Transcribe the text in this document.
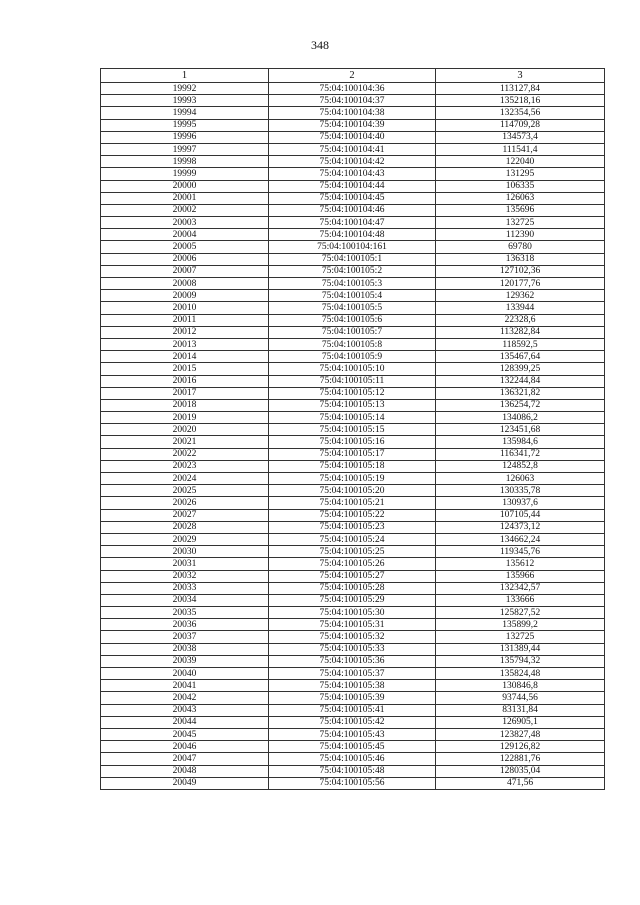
348
1	2	3
19992	75:04:100104:36	113127,84
19993	75:04:100104:37	135218,16
19994	75:04:100104:38	132354,56
19995	75:04:100104:39	114709,28
19996	75:04:100104:40	134573,4
19997	75:04:100104:41	111541,4
19998	75:04:100104:42	122040
19999	75:04:100104:43	131295
20000	75:04:100104:44	106335
20001	75:04:100104:45	126063
20002	75:04:100104:46	135696
20003	75:04:100104:47	132725
20004	75:04:100104:48	112390
20005	75:04:100104:161	69780
20006	75:04:100105:1	136318
20007	75:04:100105:2	127102,36
20008	75:04:100105:3	120177,76
20009	75:04:100105:4	129362
20010	75:04:100105:5	133944
20011	75:04:100105:6	22328,6
20012	75:04:100105:7	113282,84
20013	75:04:100105:8	118592,5
20014	75:04:100105:9	135467,64
20015	75:04:100105:10	128399,25
20016	75:04:100105:11	132244,84
20017	75:04:100105:12	136321,82
20018	75:04:100105:13	136254,72
20019	75:04:100105:14	134086,2
20020	75:04:100105:15	123451,68
20021	75:04:100105:16	135984,6
20022	75:04:100105:17	116341,72
20023	75:04:100105:18	124852,8
20024	75:04:100105:19	126063
20025	75:04:100105:20	130335,78
20026	75:04:100105:21	130937,6
20027	75:04:100105:22	107105,44
20028	75:04:100105:23	124373,12
20029	75:04:100105:24	134662,24
20030	75:04:100105:25	119345,76
20031	75:04:100105:26	135612
20032	75:04:100105:27	135966
20033	75:04:100105:28	132342,57
20034	75:04:100105:29	133666
20035	75:04:100105:30	125827,52
20036	75:04:100105:31	135899,2
20037	75:04:100105:32	132725
20038	75:04:100105:33	131389,44
20039	75:04:100105:36	135794,32
20040	75:04:100105:37	135824,48
20041	75:04:100105:38	130846,8
20042	75:04:100105:39	93744,56
20043	75:04:100105:41	83131,84
20044	75:04:100105:42	126905,1
20045	75:04:100105:43	123827,48
20046	75:04:100105:45	129126,82
20047	75:04:100105:46	122881,76
20048	75:04:100105:48	128035,04
20049	75:04:100105:56	471,56
